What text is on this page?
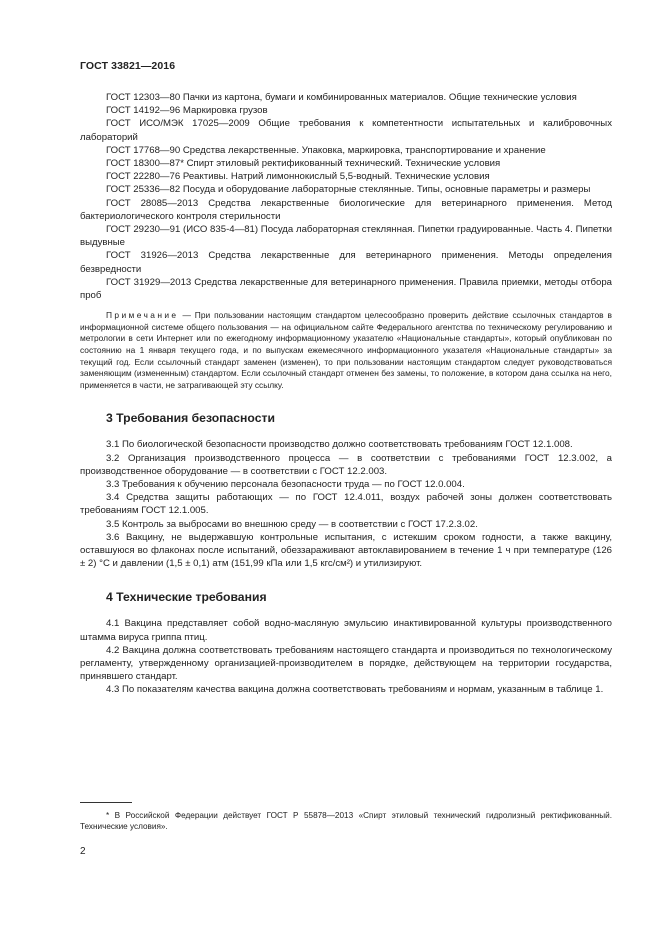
ГОСТ 33821—2016

ГОСТ 12303—80 Пачки из картона, бумаги и комбинированных материалов. Общие технические условия

ГОСТ 14192—96 Маркировка грузов

ГОСТ ИСО/МЭК 17025—2009 Общие требования к компетентности испытательных и калибровочных лабораторий

ГОСТ 17768—90 Средства лекарственные. Упаковка, маркировка, транспортирование и хранение

ГОСТ 18300—87* Спирт этиловый ректификованный технический. Технические условия

ГОСТ 22280—76 Реактивы. Натрий лимоннокислый 5,5-водный. Технические условия

ГОСТ 25336—82 Посуда и оборудование лабораторные стеклянные. Типы, основные параметры и размеры

ГОСТ 28085—2013 Средства лекарственные биологические для ветеринарного применения. Метод бактериологического контроля стерильности

ГОСТ 29230—91 (ИСО 835-4—81) Посуда лабораторная стеклянная. Пипетки градуированные. Часть 4. Пипетки выдувные

ГОСТ 31926—2013 Средства лекарственные для ветеринарного применения. Методы определения безвредности

ГОСТ 31929—2013 Средства лекарственные для ветеринарного применения. Правила приемки, методы отбора проб

Примечание — При пользовании настоящим стандартом целесообразно проверить действие ссылочных стандартов в информационной системе общего пользования — на официальном сайте Федерального агентства по техническому регулированию и метрологии в сети Интернет или по ежегодному информационному указателю «Национальные стандарты», который опубликован по состоянию на 1 января текущего года, и по выпускам ежемесячного информационного указателя «Национальные стандарты» за текущий год. Если ссылочный стандарт заменен (изменен), то при пользовании настоящим стандартом следует руководствоваться заменяющим (измененным) стандартом. Если ссылочный стандарт отменен без замены, то положение, в котором дана ссылка на него, применяется в части, не затрагивающей эту ссылку.

3 Требования безопасности

3.1 По биологической безопасности производство должно соответствовать требованиям ГОСТ 12.1.008.

3.2 Организация производственного процесса — в соответствии с требованиями ГОСТ 12.3.002, а производственное оборудование — в соответствии с ГОСТ 12.2.003.

3.3 Требования к обучению персонала безопасности труда — по ГОСТ 12.0.004.

3.4 Средства защиты работающих — по ГОСТ 12.4.011, воздух рабочей зоны должен соответствовать требованиям ГОСТ 12.1.005.

3.5 Контроль за выбросами во внешнюю среду — в соответствии с ГОСТ 17.2.3.02.

3.6 Вакцину, не выдержавшую контрольные испытания, с истекшим сроком годности, а также вакцину, оставшуюся во флаконах после испытаний, обеззараживают автоклавированием в течение 1 ч при температуре (126 ± 2) °С и давлении (1,5 ± 0,1) атм (151,99 кПа или 1,5 кгс/см²) и утилизируют.

4 Технические требования

4.1 Вакцина представляет собой водно-масляную эмульсию инактивированной культуры производственного штамма вируса гриппа птиц.

4.2 Вакцина должна соответствовать требованиям настоящего стандарта и производиться по технологическому регламенту, утвержденному организацией-производителем в порядке, действующем на территории государства, принявшего стандарт.

4.3 По показателям качества вакцина должна соответствовать требованиям и нормам, указанным в таблице 1.

* В Российской Федерации действует ГОСТ Р 55878—2013 «Спирт этиловый технический гидролизный ректификованный. Технические условия».

2
